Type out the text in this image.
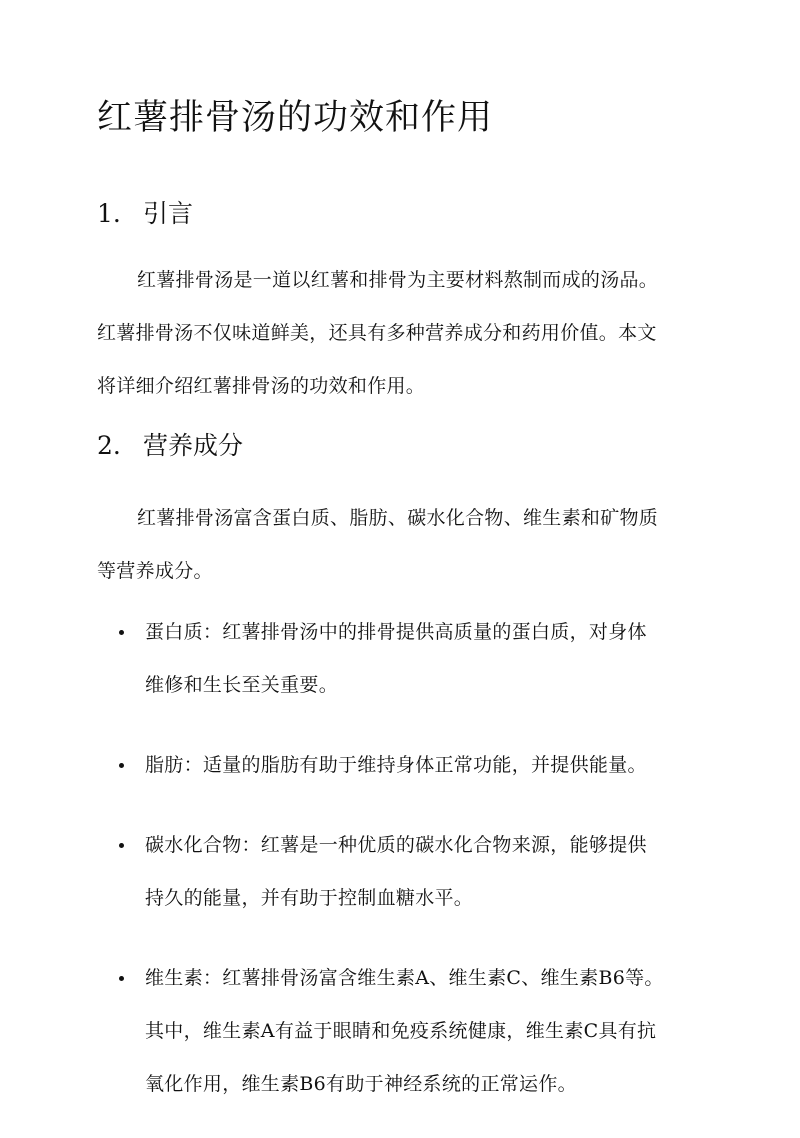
红薯排骨汤的功效和作用
1. 引言
红薯排骨汤是一道以红薯和排骨为主要材料熬制而成的汤品。
红薯排骨汤不仅味道鲜美，还具有多种营养成分和药用价值。本文
将详细介绍红薯排骨汤的功效和作用。
2. 营养成分
红薯排骨汤富含蛋白质、脂肪、碳水化合物、维生素和矿物质
等营养成分。
蛋白质：红薯排骨汤中的排骨提供高质量的蛋白质，对身体
维修和生长至关重要。
脂肪：适量的脂肪有助于维持身体正常功能，并提供能量。
碳水化合物：红薯是一种优质的碳水化合物来源，能够提供
持久的能量，并有助于控制血糖水平。
维生素：红薯排骨汤富含维生素A、维生素C、维生素B6等。
其中，维生素A有益于眼睛和免疫系统健康，维生素C具有抗
氧化作用，维生素B6有助于神经系统的正常运作。
